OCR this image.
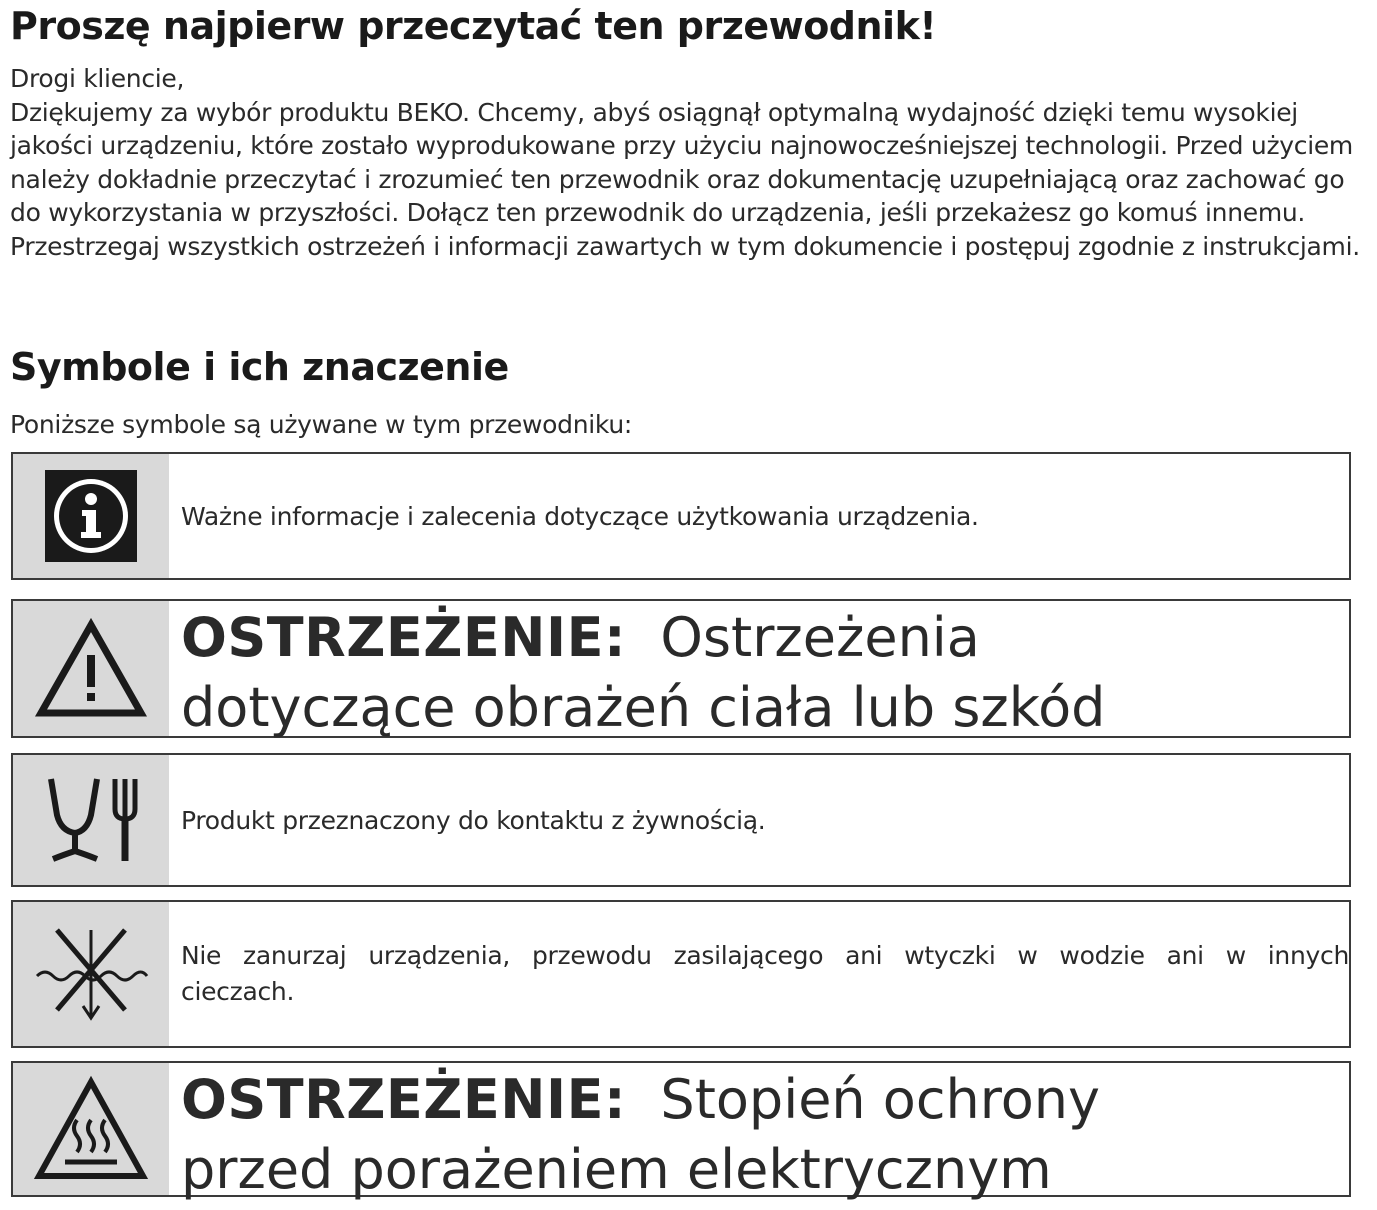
Proszę najpierw przeczytać ten przewodnik!

Drogi kliencie,

Dziękujemy za wybór produktu BEKO. Chcemy, abyś osiągnął optymalną wydajność dzięki temu wysokiej jakości urządzeniu, które zostało wyprodukowane przy użyciu najnowocześniejszej technologii. Przed użyciem należy dokładnie przeczytać i zrozumieć ten przewodnik oraz dokumentację uzupełniającą oraz zachować go do wykorzystania w przyszłości. Dołącz ten przewodnik do urządzenia, jeśli przekażesz go komuś innemu. Przestrzegaj wszystkich ostrzeżeń i informacji zawartych w tym dokumencie i postępuj zgodnie z instrukcjami.

Symbole i ich znaczenie
Poniższe symbole są używane w tym przewodniku:
Ważne informacje i zalecenia dotyczące użytkowania urządzenia.
OSTRZEŻENIE: Ostrzeżenia dotyczące obrażeń ciała lub szkód
Produkt przeznaczony do kontaktu z żywnością.
Nie zanurzaj urządzenia, przewodu zasilającego ani wtyczki w wodzie ani w innych cieczach.
OSTRZEŻENIE: Stopień ochrony przed porażeniem elektrycznym
